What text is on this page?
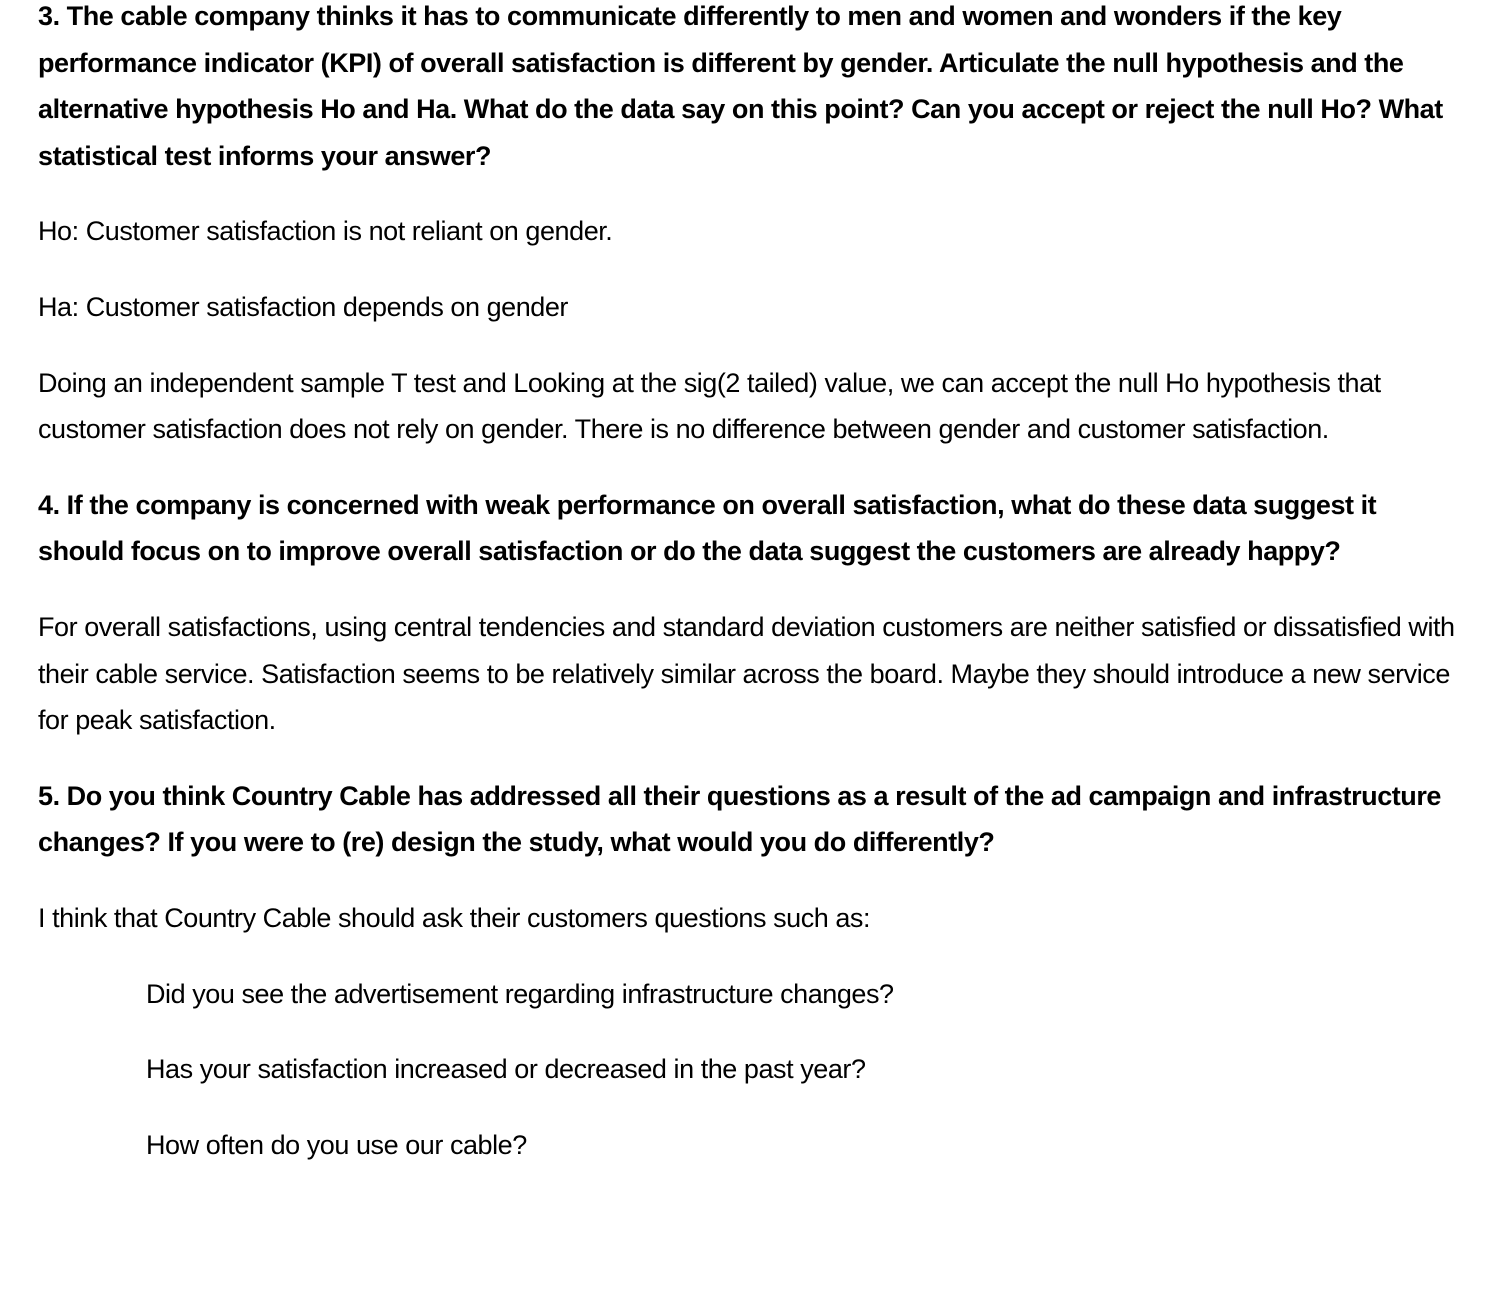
3. The cable company thinks it has to communicate differently to men and women and wonders if the key performance indicator (KPI) of overall satisfaction is different by gender. Articulate the null hypothesis and the alternative hypothesis Ho and Ha. What do the data say on this point? Can you accept or reject the null Ho? What statistical test informs your answer?

Ho: Customer satisfaction is not reliant on gender.

Ha: Customer satisfaction depends on gender

Doing an independent sample T test and Looking at the sig(2 tailed) value, we can accept the null Ho hypothesis that customer satisfaction does not rely on gender. There is no difference between gender and customer satisfaction.

4. If the company is concerned with weak performance on overall satisfaction, what do these data suggest it should focus on to improve overall satisfaction or do the data suggest the customers are already happy?

For overall satisfactions, using central tendencies and standard deviation customers are neither satisfied or dissatisfied with their cable service. Satisfaction seems to be relatively similar across the board. Maybe they should introduce a new service for peak satisfaction.

5. Do you think Country Cable has addressed all their questions as a result of the ad campaign and infrastructure changes? If you were to (re) design the study, what would you do differently?

I think that Country Cable should ask their customers questions such as:

Did you see the advertisement regarding infrastructure changes?

Has your satisfaction increased or decreased in the past year?

How often do you use our cable?
